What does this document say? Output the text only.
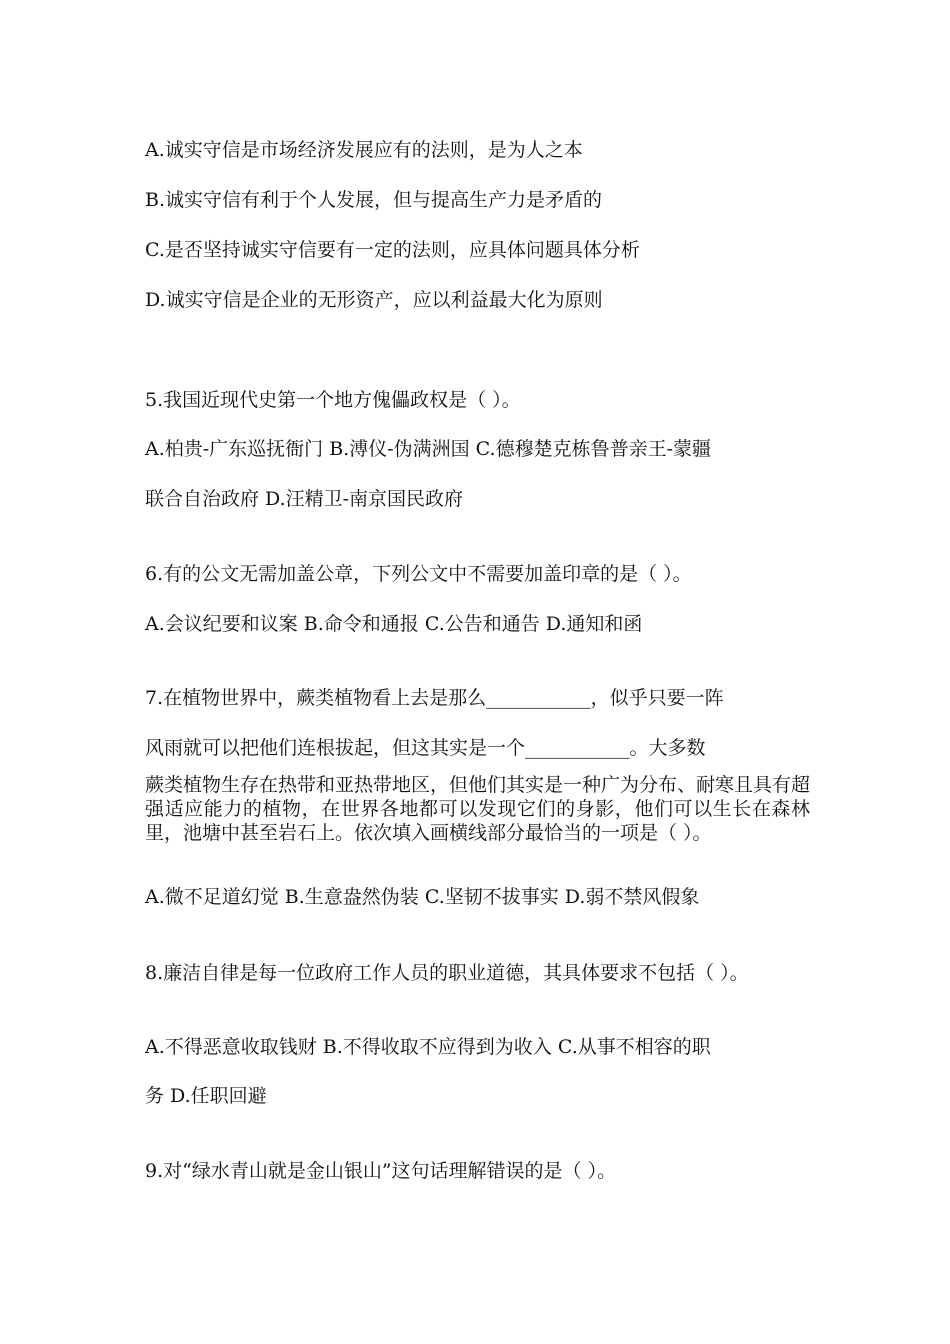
A.诚实守信是市场经济发展应有的法则，是为人之本
B.诚实守信有利于个人发展，但与提高生产力是矛盾的
C.是否坚持诚实守信要有一定的法则，应具体问题具体分析
D.诚实守信是企业的无形资产，应以利益最大化为原则
5.我国近现代史第一个地方傀儡政权是（ ）。
A.柏贵-广东巡抚衙门 B.溥仪-伪满洲国 C.德穆楚克栋鲁普亲王-蒙疆
联合自治政府 D.汪精卫-南京国民政府
6.有的公文无需加盖公章，下列公文中不需要加盖印章的是（ ）。
A.会议纪要和议案 B.命令和通报 C.公告和通告 D.通知和函
7.在植物世界中，蕨类植物看上去是那么___________，似乎只要一阵
风雨就可以把他们连根拔起，但这其实是一个___________。大多数
蕨类植物生存在热带和亚热带地区，但他们其实是一种广为分布、耐寒且具有超强适应能力的植物，在世界各地都可以发现它们的身影，他们可以生长在森林里，池塘中甚至岩石上。依次填入画横线部分最恰当的一项是（ ）。
A.微不足道幻觉 B.生意盎然伪装 C.坚韧不拔事实 D.弱不禁风假象
8.廉洁自律是每一位政府工作人员的职业道德，其具体要求不包括（ ）。
A.不得恶意收取钱财 B.不得收取不应得到为收入 C.从事不相容的职
务 D.任职回避
9.对“绿水青山就是金山银山”这句话理解错误的是（ ）。
